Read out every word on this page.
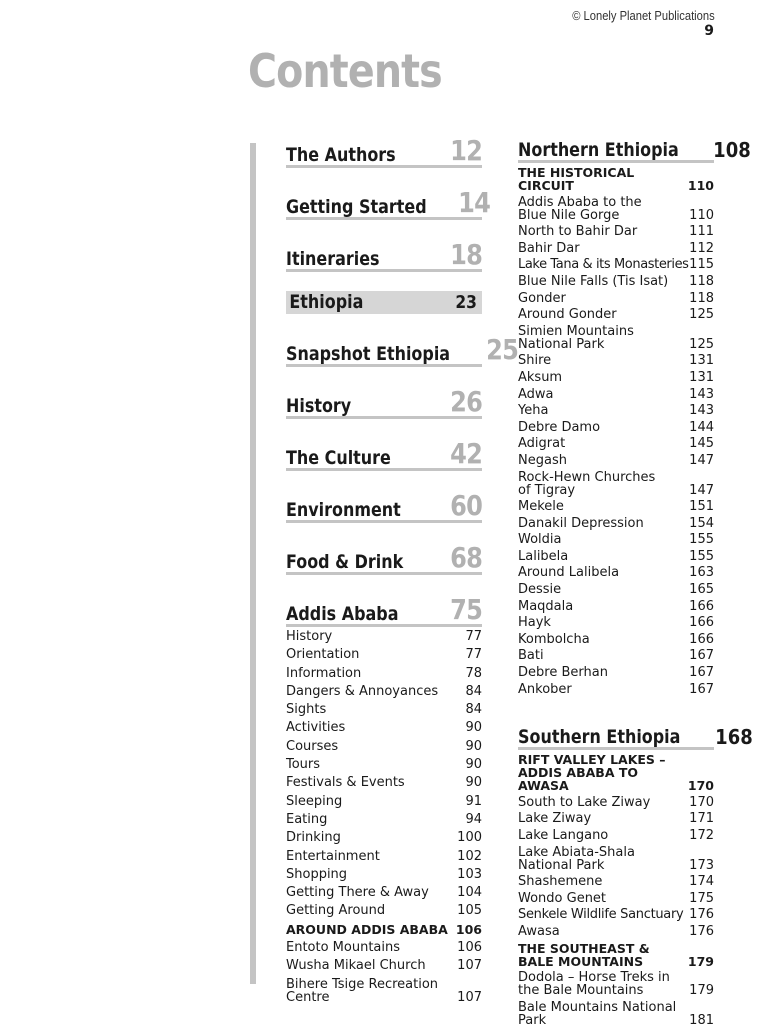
© Lonely Planet Publications
9
Contents
The Authors 12
Getting Started 14
Itineraries	18
Ethiopia	23
Snapshot Ethiopia 25
History	26
The Culture 42
Environment 60
Food & Drink 68
Addis Ababa 75
History	77
Orientation	77
Information	78
Dangers & Annoyances 84
Sights	84
Activities	90
Courses	90
Tours	90
Festivals & Events	90
Sleeping	91
Eating	94
Drinking	100
Entertainment	102
Shopping	103
Getting There & Away 104
Getting Around	105
AROUND ADDIS ABABA 106
Entoto Mountains	106
Wusha Mikael Church 107
Bihere Tsige Recreation Centre	107
Northern Ethiopia 108
THE HISTORICAL CIRCUIT	110
Addis Ababa to the Blue Nile Gorge	110
North to Bahir Dar	111
Bahir Dar	112
Lake Tana & its Monasteries 115
Blue Nile Falls (Tis Isat) 118
Gonder	118
Around Gonder	125
Simien Mountains National Park	125
Shire	131
Aksum	131
Adwa	143
Yeha	143
Debre Damo	144
Adigrat	145
Negash	147
Rock-Hewn Churches of Tigray	147
Mekele	151
Danakil Depression	154
Woldia	155
Lalibela	155
Around Lalibela	163
Dessie	165
Maqdala	166
Hayk	166
Kombolcha	166
Bati	167
Debre Berhan	167
Ankober	167
Southern Ethiopia 168
RIFT VALLEY LAKES – ADDIS ABABA TO AWASA	170
South to Lake Ziway	170
Lake Ziway	171
Lake Langano	172
Lake Abiata-Shala National Park	173
Shashemene	174
Wondo Genet	175
Senkele Wildlife Sanctuary 176
Awasa	176
THE SOUTHEAST & BALE MOUNTAINS	179
Dodola – Horse Treks in the Bale Mountains	179
Bale Mountains National Park	181
